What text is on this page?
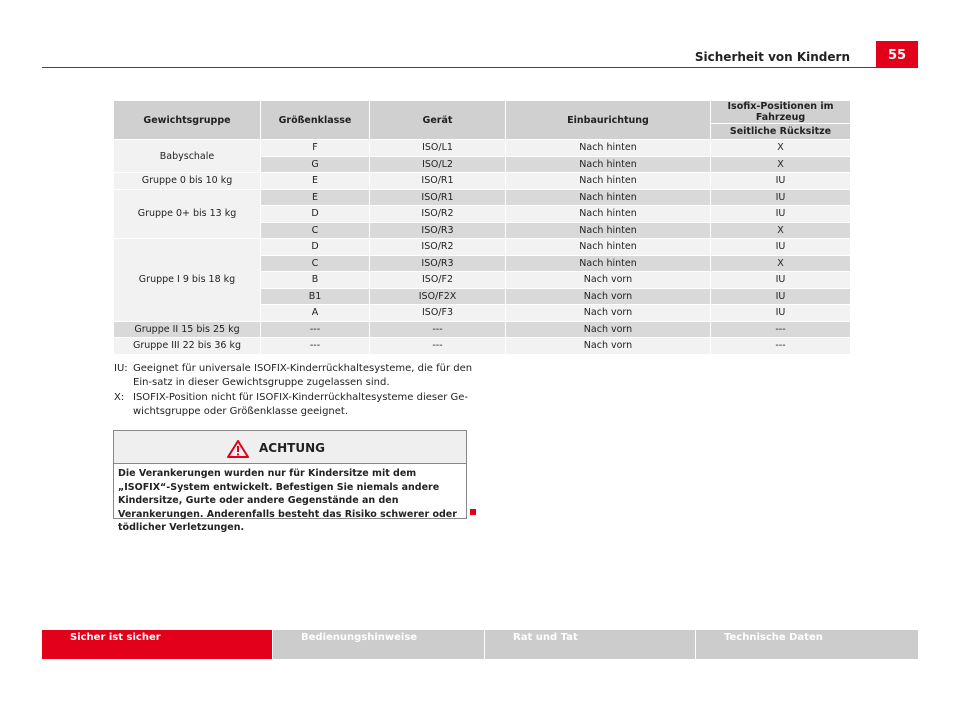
Sicherheit von Kindern	55
Gewichtsgruppe	Größenklasse	Gerät	Einbaurichtung	Isofix-Positionen im Fahrzeug
				Seitliche Rücksitze
Babyschale	F	ISO/L1	Nach hinten	X
	G	ISO/L2	Nach hinten	X
Gruppe 0 bis 10 kg	E	ISO/R1	Nach hinten	IU
Gruppe 0+ bis 13 kg	E	ISO/R1	Nach hinten	IU
	D	ISO/R2	Nach hinten	IU
	C	ISO/R3	Nach hinten	X
Gruppe I 9 bis 18 kg	D	ISO/R2	Nach hinten	IU
	C	ISO/R3	Nach hinten	X
	B	ISO/F2	Nach vorn	IU
	B1	ISO/F2X	Nach vorn	IU
	A	ISO/F3	Nach vorn	IU
Gruppe II 15 bis 25 kg	---	---	Nach vorn	---
Gruppe III 22 bis 36 kg	---	---	Nach vorn	---
IU: Geeignet für universale ISOFIX-Kinderrückhaltesysteme, die für den Ein-satz in dieser Gewichtsgruppe zugelassen sind.
X: ISOFIX-Position nicht für ISOFIX-Kinderrückhaltesysteme dieser Ge-wichtsgruppe oder Größenklasse geeignet.
ACHTUNG
Die Verankerungen wurden nur für Kindersitze mit dem „ISOFIX“-System entwickelt. Befestigen Sie niemals andere Kindersitze, Gurte oder andere Gegenstände an den Verankerungen. Anderenfalls besteht das Risiko schwerer oder tödlicher Verletzungen.
Sicher ist sicher	Bedienungshinweise	Rat und Tat	Technische Daten
